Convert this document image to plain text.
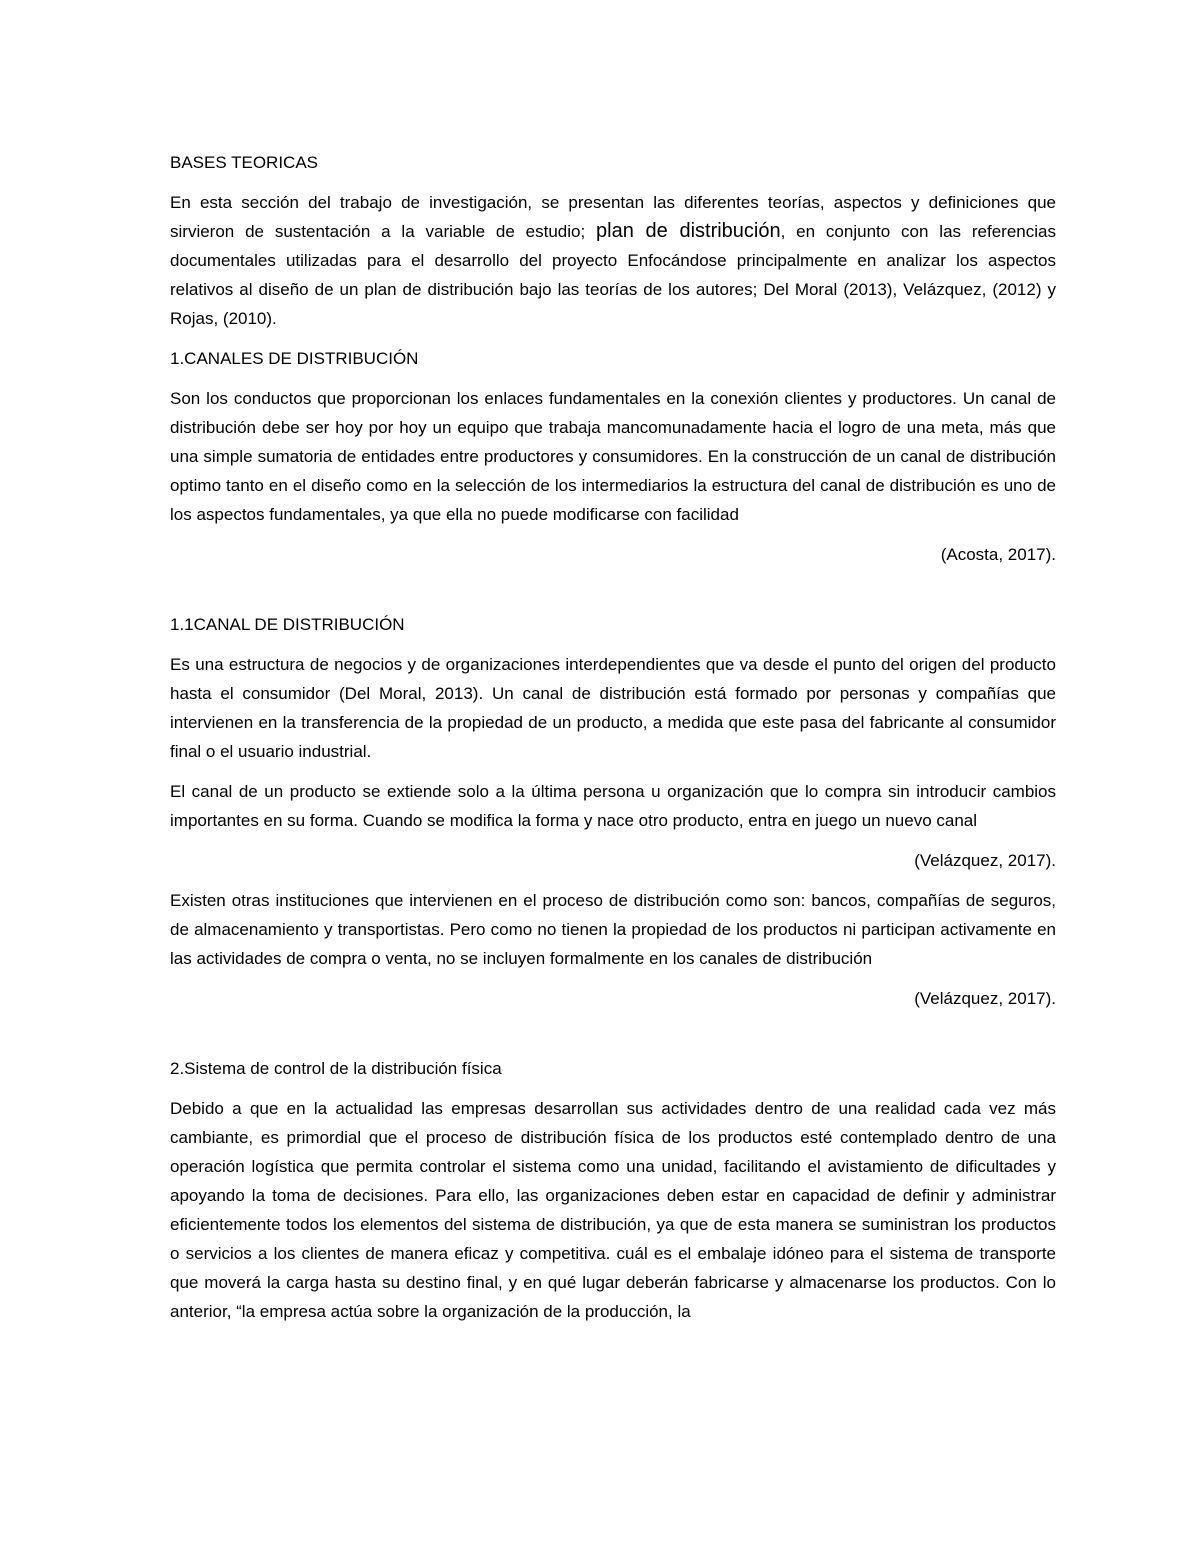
BASES TEORICAS

En esta sección del trabajo de investigación, se presentan las diferentes teorías, aspectos y definiciones que sirvieron de sustentación a la variable de estudio; plan de distribución, en conjunto con las referencias documentales utilizadas para el desarrollo del proyecto Enfocándose principalmente en analizar los aspectos relativos al diseño de un plan de distribución bajo las teorías de los autores; Del Moral (2013), Velázquez, (2012) y Rojas, (2010).

1.CANALES DE DISTRIBUCIÓN

Son los conductos que proporcionan los enlaces fundamentales en la conexión clientes y productores. Un canal de distribución debe ser hoy por hoy un equipo que trabaja mancomunadamente hacia el logro de una meta, más que una simple sumatoria de entidades entre productores y consumidores. En la construcción de un canal de distribución optimo tanto en el diseño como en la selección de los intermediarios la estructura del canal de distribución es uno de los aspectos fundamentales, ya que ella no puede modificarse con facilidad

(Acosta, 2017).

1.1CANAL DE DISTRIBUCIÓN

Es una estructura de negocios y de organizaciones interdependientes que va desde el punto del origen del producto hasta el consumidor (Del Moral, 2013). Un canal de distribución está formado por personas y compañías que intervienen en la transferencia de la propiedad de un producto, a medida que este pasa del fabricante al consumidor final o el usuario industrial.

El canal de un producto se extiende solo a la última persona u organización que lo compra sin introducir cambios importantes en su forma. Cuando se modifica la forma y nace otro producto, entra en juego un nuevo canal

(Velázquez, 2017).

Existen otras instituciones que intervienen en el proceso de distribución como son: bancos, compañías de seguros, de almacenamiento y transportistas. Pero como no tienen la propiedad de los productos ni participan activamente en las actividades de compra o venta, no se incluyen formalmente en los canales de distribución

(Velázquez, 2017).

2.Sistema de control de la distribución física

Debido a que en la actualidad las empresas desarrollan sus actividades dentro de una realidad cada vez más cambiante, es primordial que el proceso de distribución física de los productos esté contemplado dentro de una operación logística que permita controlar el sistema como una unidad, facilitando el avistamiento de dificultades y apoyando la toma de decisiones. Para ello, las organizaciones deben estar en capacidad de definir y administrar eficientemente todos los elementos del sistema de distribución, ya que de esta manera se suministran los productos o servicios a los clientes de manera eficaz y competitiva. cuál es el embalaje idóneo para el sistema de transporte que moverá la carga hasta su destino final, y en qué lugar deberán fabricarse y almacenarse los productos. Con lo anterior, “la empresa actúa sobre la organización de la producción, la
